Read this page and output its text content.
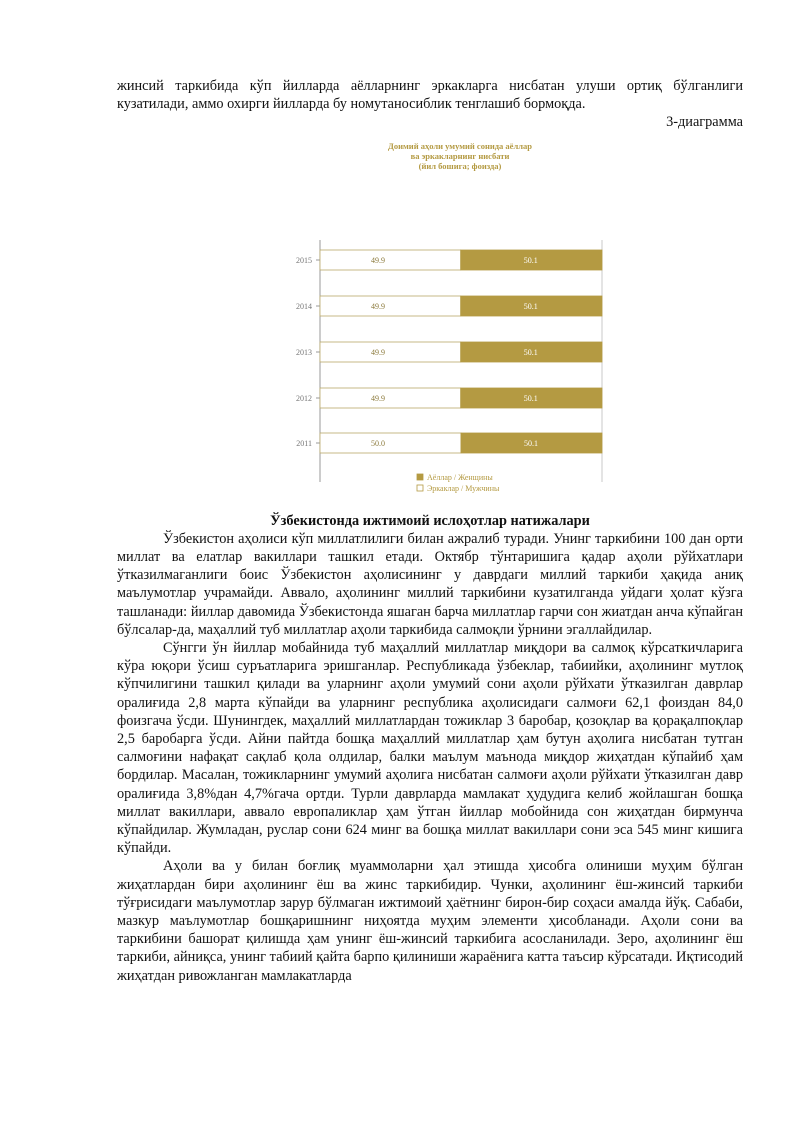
жинсий таркибида кўп йилларда аёлларнинг эркакларга нисбатан улуши ортиқ бўлганлиги кузатилади, аммо охирги йилларда бу номутаносиблик тенглашиб бормоқда.

3-диаграмма

Доимий аҳоли умумий сонида аёллар
ва эркакларнинг нисбати
(йил бошига; фоизда)
2015	49.9	50.1
2014	49.9	50.1
2013	49.9	50.1
2012	49.9	50.1
2011	50.0	50.1
Аёллар / Женщины
Эркаклар / Мужчины

Ўзбекистонда ижтимоий ислоҳотлар натижалари

Ўзбекистон аҳолиси кўп миллатлилиги билан ажралиб туради. Унинг таркибини 100 дан орти миллат ва елатлар вакиллари ташкил етади. Октябр тўнтаришига қадар аҳоли рўйхатлари ўтказилмаганлиги боис Ўзбекистон аҳолисининг у даврдаги миллий таркиби ҳақида аниқ маълумотлар учрамайди. Аввало, аҳолининг миллий таркибини кузатилганда уйдаги ҳолат кўзга ташланади: йиллар давомида Ўзбекистонда яшаган барча миллатлар гарчи сон жиатдан анча кўпайган бўлсалар-да, маҳаллий туб миллатлар аҳоли таркибида салмоқли ўрнини эгаллайдилар.

Сўнгги ўн йиллар мобайнида туб маҳаллий миллатлар миқдори ва салмоқ кўрсаткичларига кўра юқори ўсиш суръатларига эришганлар. Республикада ўзбеклар, табиийки, аҳолининг мутлоқ кўпчилигини ташкил қилади ва уларнинг аҳоли умумий сони аҳоли рўйхати ўтказилган даврлар оралиғида 2,8 марта кўпайди ва уларнинг республика аҳолисидаги салмоғи 62,1 фоиздан 84,0 фоизгача ўсди. Шунингдек, маҳаллий миллатлардан тожиклар 3 баробар, қозоқлар ва қорақалпоқлар 2,5 баробарга ўсди. Айни пайтда бошқа маҳаллий миллатлар ҳам бутун аҳолига нисбатан тутган салмоғини нафақат сақлаб қола олдилар, балки маълум маънода миқдор жиҳатдан кўпайиб ҳам бордилар. Масалан, тожикларнинг умумий аҳолига нисбатан салмоғи аҳоли рўйхати ўтказилган давр оралиғида 3,8%дан 4,7%гача ортди. Турли даврларда мамлакат ҳудудига келиб жойлашган бошқа миллат вакиллари, аввало европаликлар ҳам ўтган йиллар мобойнида сон жиҳатдан бирмунча кўпайдилар. Жумладан, руслар сони 624 минг ва бошқа миллат вакиллари сони эса 545 минг кишига кўпайди.

Аҳоли ва у билан боғлиқ муаммоларни ҳал этишда ҳисобга олиниши муҳим бўлган жиҳатлардан бири аҳолининг ёш ва жинс таркибидир. Чунки, аҳолининг ёш-жинсий таркиби тўғрисидаги маълумотлар зарур бўлмаган ижтимоий ҳаётнинг бирон-бир соҳаси амалда йўқ. Сабаби, мазкур маълумотлар бошқаришнинг ниҳоятда муҳим элементи ҳисобланади. Аҳоли сони ва таркибини башорат қилишда ҳам унинг ёш-жинсий таркибига асосланилади. Зеро, аҳолининг ёш таркиби, айниқса, унинг табиий қайта барпо қилиниши жараёнига катта таъсир кўрсатади. Иқтисодий жиҳатдан ривожланган мамлакатларда
